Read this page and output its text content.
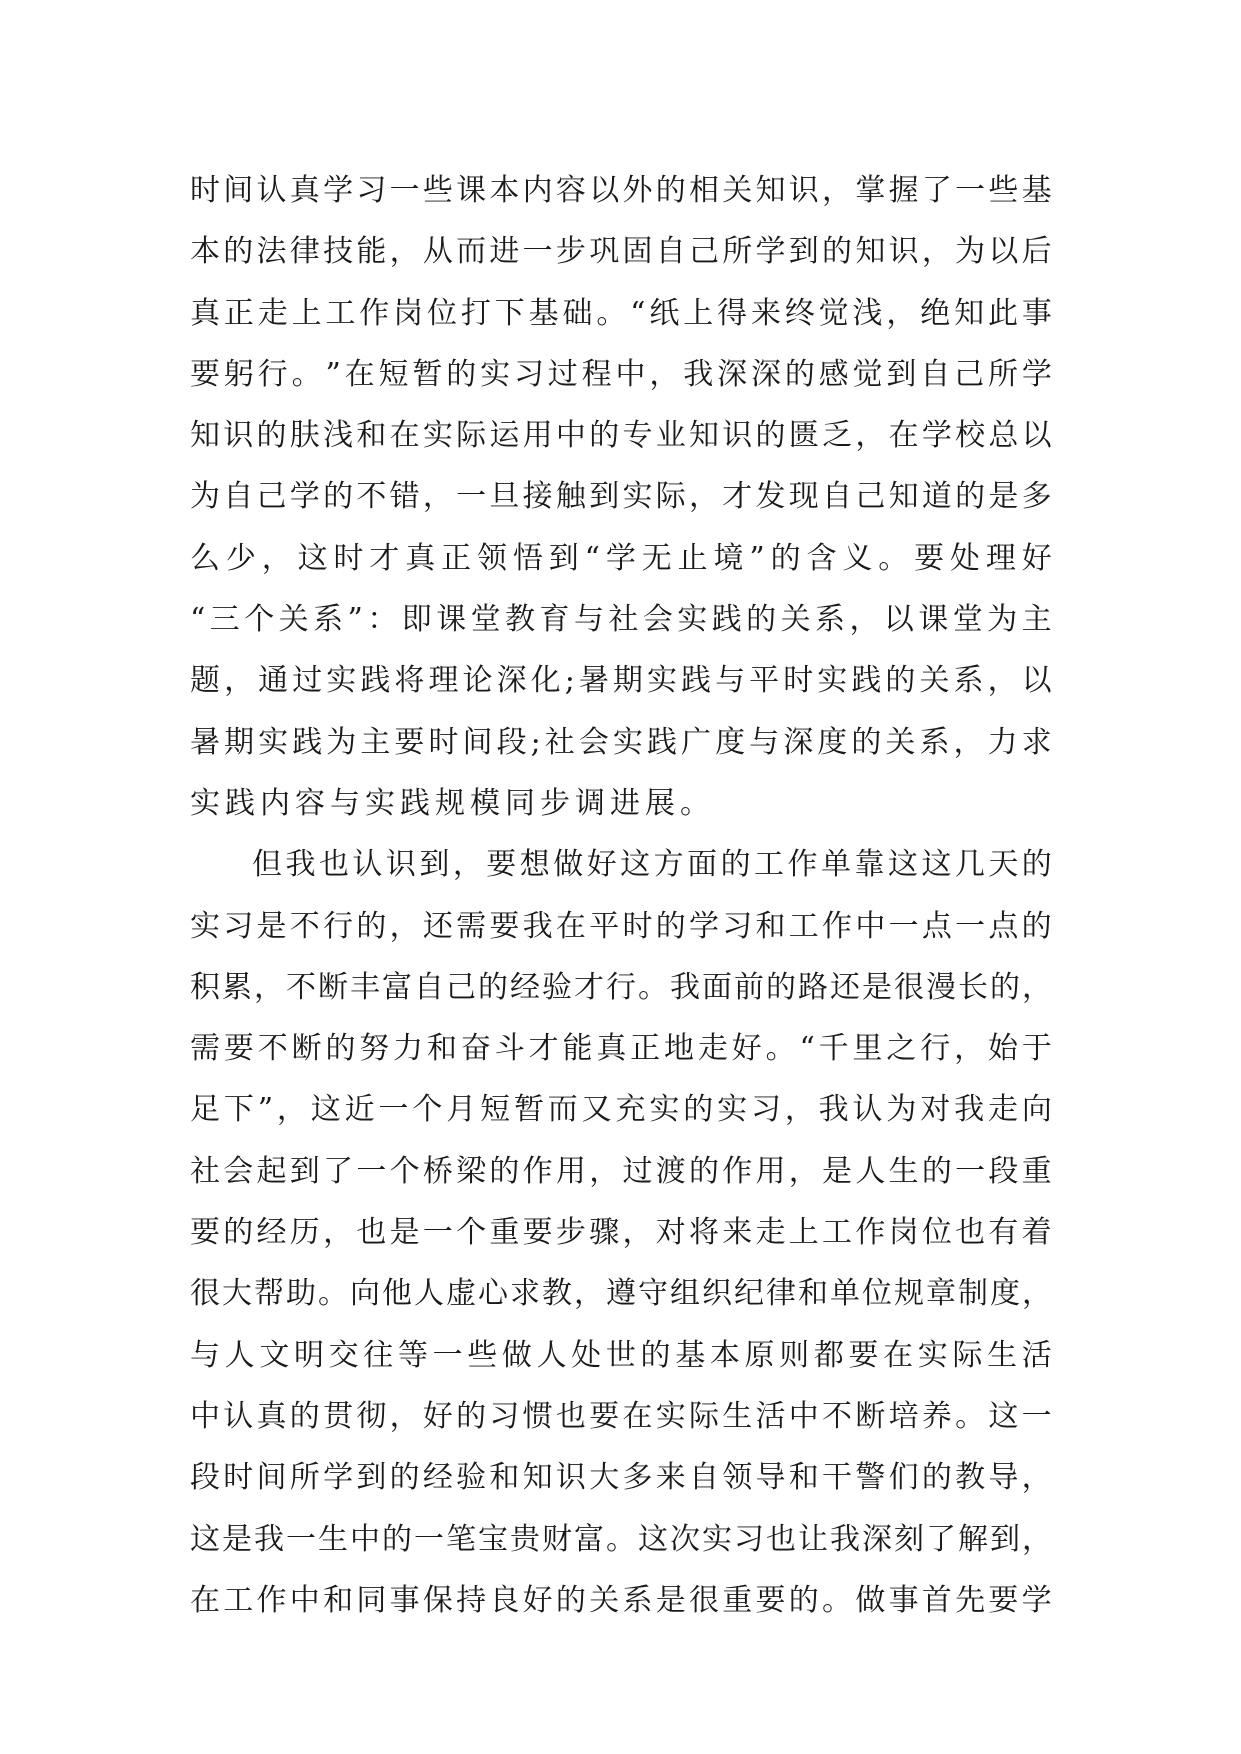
时 间 认 真 学 习 一 些 课 本 内 容 以 外 的 相 关 知 识 ， 掌 握 了 一 些 基
本 的 法 律 技 能 ， 从 而 进 一 步 巩 固 自 己 所 学 到 的 知 识 ， 为 以 后
真 正 走 上 工 作 岗 位 打 下 基 础 。 “ 纸 上 得 来 终 觉 浅 ， 绝 知 此 事
要 躬 行 。 ” 在 短 暂 的 实 习 过 程 中 ， 我 深 深 的 感 觉 到 自 己 所 学
知 识 的 肤 浅 和 在 实 际 运 用 中 的 专 业 知 识 的 匮 乏 ， 在 学 校 总 以
为 自 己 学 的 不 错 ， 一 旦 接 触 到 实 际 ， 才 发 现 自 己 知 道 的 是 多
么 少 ， 这 时 才 真 正 领 悟 到 “ 学 无 止 境 ” 的 含 义 。 要 处 理 好
“ 三 个 关 系 ” ： 即 课 堂 教 育 与 社 会 实 践 的 关 系 ， 以 课 堂 为 主
题 ， 通 过 实 践 将 理 论 深 化 ; 暑 期 实 践 与 平 时 实 践 的 关 系 ， 以
暑 期 实 践 为 主 要 时 间 段 ; 社 会 实 践 广 度 与 深 度 的 关 系 ， 力 求
实践内容与实践规模同步调进展。
但 我 也 认 识 到 ， 要 想 做 好 这 方 面 的 工 作 单 靠 这 这 几 天 的
实 习 是 不 行 的 ， 还 需 要 我 在 平 时 的 学 习 和 工 作 中 一 点 一 点 的
积 累 ， 不 断 丰 富 自 己 的 经 验 才 行 。 我 面 前 的 路 还 是 很 漫 长 的 ，
需 要 不 断 的 努 力 和 奋 斗 才 能 真 正 地 走 好 。 “ 千 里 之 行 ， 始 于
足 下 ” ， 这 近 一 个 月 短 暂 而 又 充 实 的 实 习 ， 我 认 为 对 我 走 向
社 会 起 到 了 一 个 桥 梁 的 作 用 ， 过 渡 的 作 用 ， 是 人 生 的 一 段 重
要 的 经 历 ， 也 是 一 个 重 要 步 骤 ， 对 将 来 走 上 工 作 岗 位 也 有 着
很 大 帮 助 。 向 他 人 虚 心 求 教 ， 遵 守 组 织 纪 律 和 单 位 规 章 制 度 ，
与 人 文 明 交 往 等 一 些 做 人 处 世 的 基 本 原 则 都 要 在 实 际 生 活
中 认 真 的 贯 彻 ， 好 的 习 惯 也 要 在 实 际 生 活 中 不 断 培 养 。 这 一
段 时 间 所 学 到 的 经 验 和 知 识 大 多 来 自 领 导 和 干 警 们 的 教 导 ，
这 是 我 一 生 中 的 一 笔 宝 贵 财 富 。 这 次 实 习 也 让 我 深 刻 了 解 到 ，
在 工 作 中 和 同 事 保 持 良 好 的 关 系 是 很 重 要 的 。 做 事 首 先 要 学
